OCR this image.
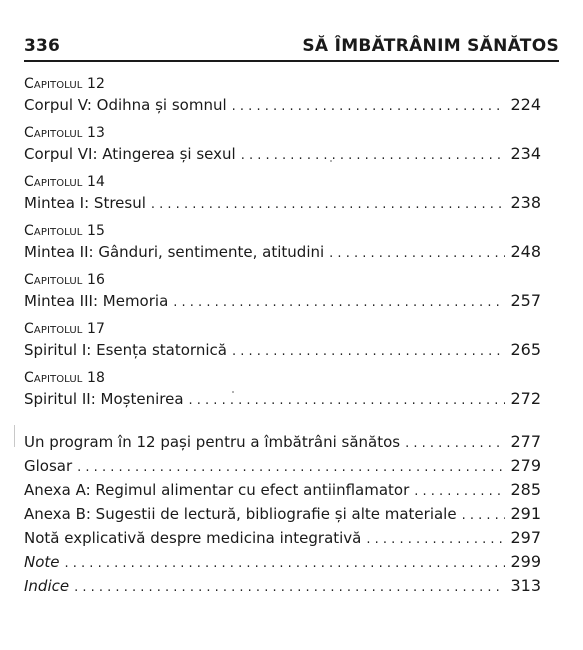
336	SĂ ÎMBĂTRÂNIM SĂNĂTOS
Capitolul 12
Corpul V: Odihna și somnul . . .	224
Capitolul 13
Corpul VI: Atingerea și sexul . . .	234
Capitolul 14
Mintea I: Stresul . . .	238
Capitolul 15
Mintea II: Gânduri, sentimente, atitudini . . .	248
Capitolul 16
Mintea III: Memoria . . .	257
Capitolul 17
Spiritul I: Esența statornică . . .	265
Capitolul 18
Spiritul II: Moștenirea . . .	272
Un program în 12 pași pentru a îmbătrâni sănătos . . .	277
Glosar . . .	279
Anexa A: Regimul alimentar cu efect antiinflamator . . .	285
Anexa B: Sugestii de lectură, bibliografie și alte materiale . . .	291
Notă explicativă despre medicina integrativă . . .	297
Note . . .	299
Indice . . .	313
